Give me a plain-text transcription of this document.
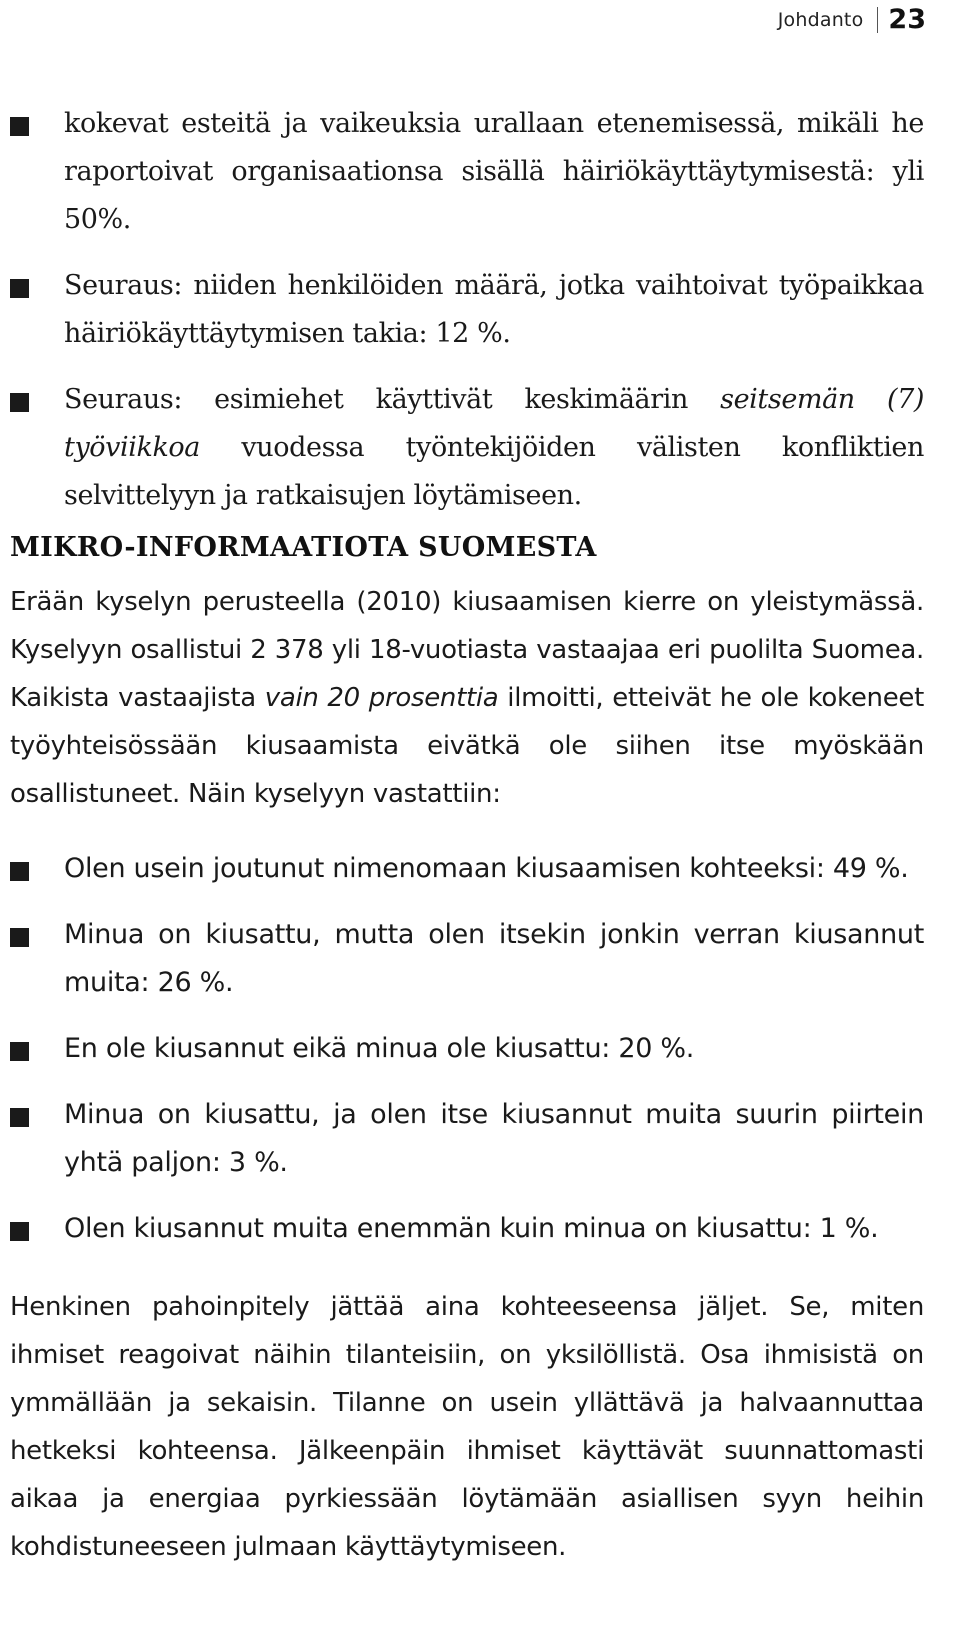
Johdanto 23
kokevat esteitä ja vaikeuksia urallaan etenemisessä, mikäli he raportoivat organisaationsa sisällä häiriökäyttäytymisestä: yli 50%.
Seuraus: niiden henkilöiden määrä, jotka vaihtoivat työpaikkaa häiriökäyttäytymisen takia: 12 %.
Seuraus: esimiehet käyttivät keskimäärin seitsemän (7) työviikkoa vuodessa työntekijöiden välisten konfliktien selvittelyyn ja ratkaisujen löytämiseen.
MIKRO-INFORMAATIOTA SUOMESTA

Erään kyselyn perusteella (2010) kiusaamisen kierre on yleistymässä. Kyselyyn osallistui 2 378 yli 18-vuotiasta vastaajaa eri puolilta Suomea. Kaikista vastaajista vain 20 prosenttia ilmoitti, etteivät he ole kokeneet työyhteisössään kiusaamista eivätkä ole siihen itse myöskään osallistuneet. Näin kyselyyn vastattiin:

Olen usein joutunut nimenomaan kiusaamisen kohteeksi: 49 %.
Minua on kiusattu, mutta olen itsekin jonkin verran kiusannut muita: 26 %.
En ole kiusannut eikä minua ole kiusattu: 20 %.
Minua on kiusattu, ja olen itse kiusannut muita suurin piirtein yhtä paljon: 3 %.
Olen kiusannut muita enemmän kuin minua on kiusattu: 1 %.

Henkinen pahoinpitely jättää aina kohteeseensa jäljet. Se, miten ihmiset reagoivat näihin tilanteisiin, on yksilöllistä. Osa ihmisistä on ymmällään ja sekaisin. Tilanne on usein yllättävä ja halvaannuttaa hetkeksi kohteensa. Jälkeenpäin ihmiset käyttävät suunnattomasti aikaa ja energiaa pyrkiessään löytämään asiallisen syyn heihin kohdistuneeseen julmaan käyttäytymiseen.
